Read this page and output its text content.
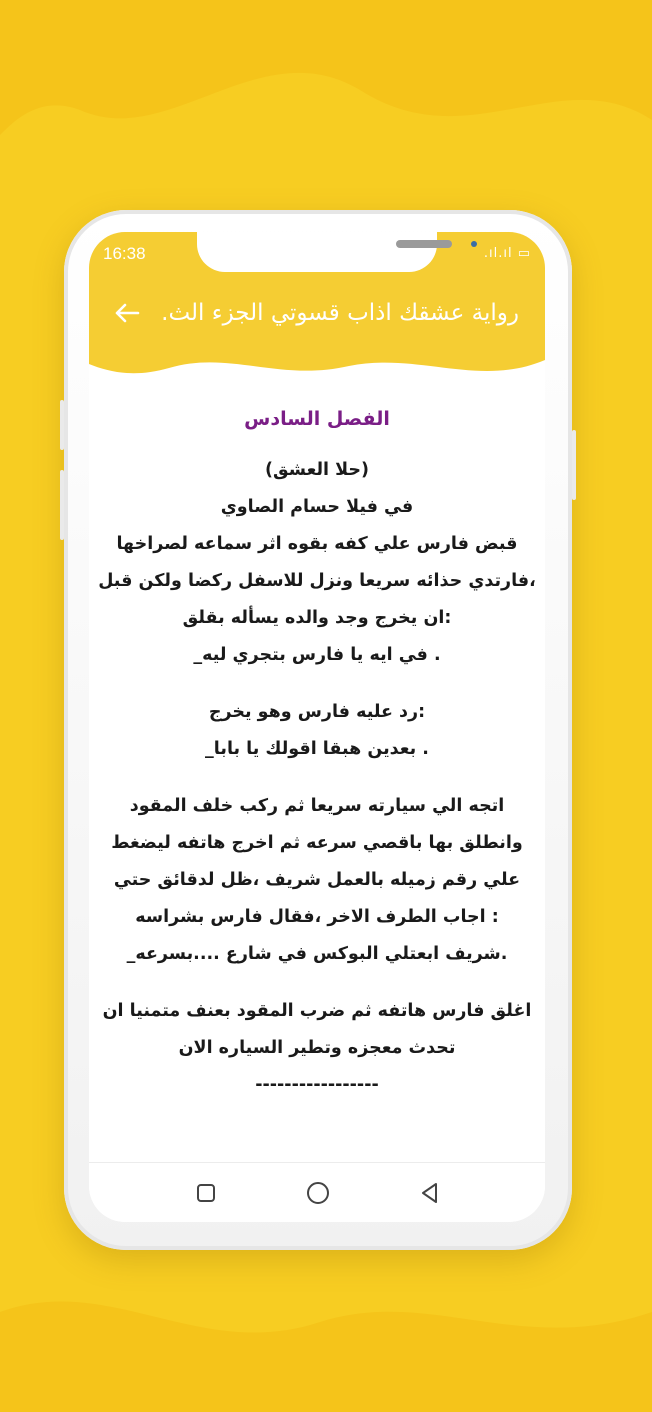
16:38	.ıl.ıl ▭
رواية عشقك اذاب قسوتي الجزء الث.
الفصل السادس
(حلا العشق)
في فيلا حسام الصاوي
قبض فارس علي كفه بقوه اثر سماعه لصراخها
،فارتدي حذائه سريعا ونزل للاسفل ركضا ولكن قبل
:ان يخرج وجد والده يسأله بقلق
. في ايه يا فارس بتجري ليه_
:رد عليه فارس وهو يخرج
. بعدين هبقا اقولك يا بابا_
اتجه الي سيارته سريعا ثم ركب خلف المقود
وانطلق بها باقصي سرعه ثم اخرج هاتفه ليضغط
علي رقم زميله بالعمل شريف ،ظل لدقائق حتي
: اجاب الطرف الاخر ،فقال فارس بشراسه
.شريف ابعتلي البوكس في شارع ....بسرعه_
اغلق فارس هاتفه ثم ضرب المقود بعنف متمنيا ان
تحدث معجزه وتطير السياره الان
-----------------
